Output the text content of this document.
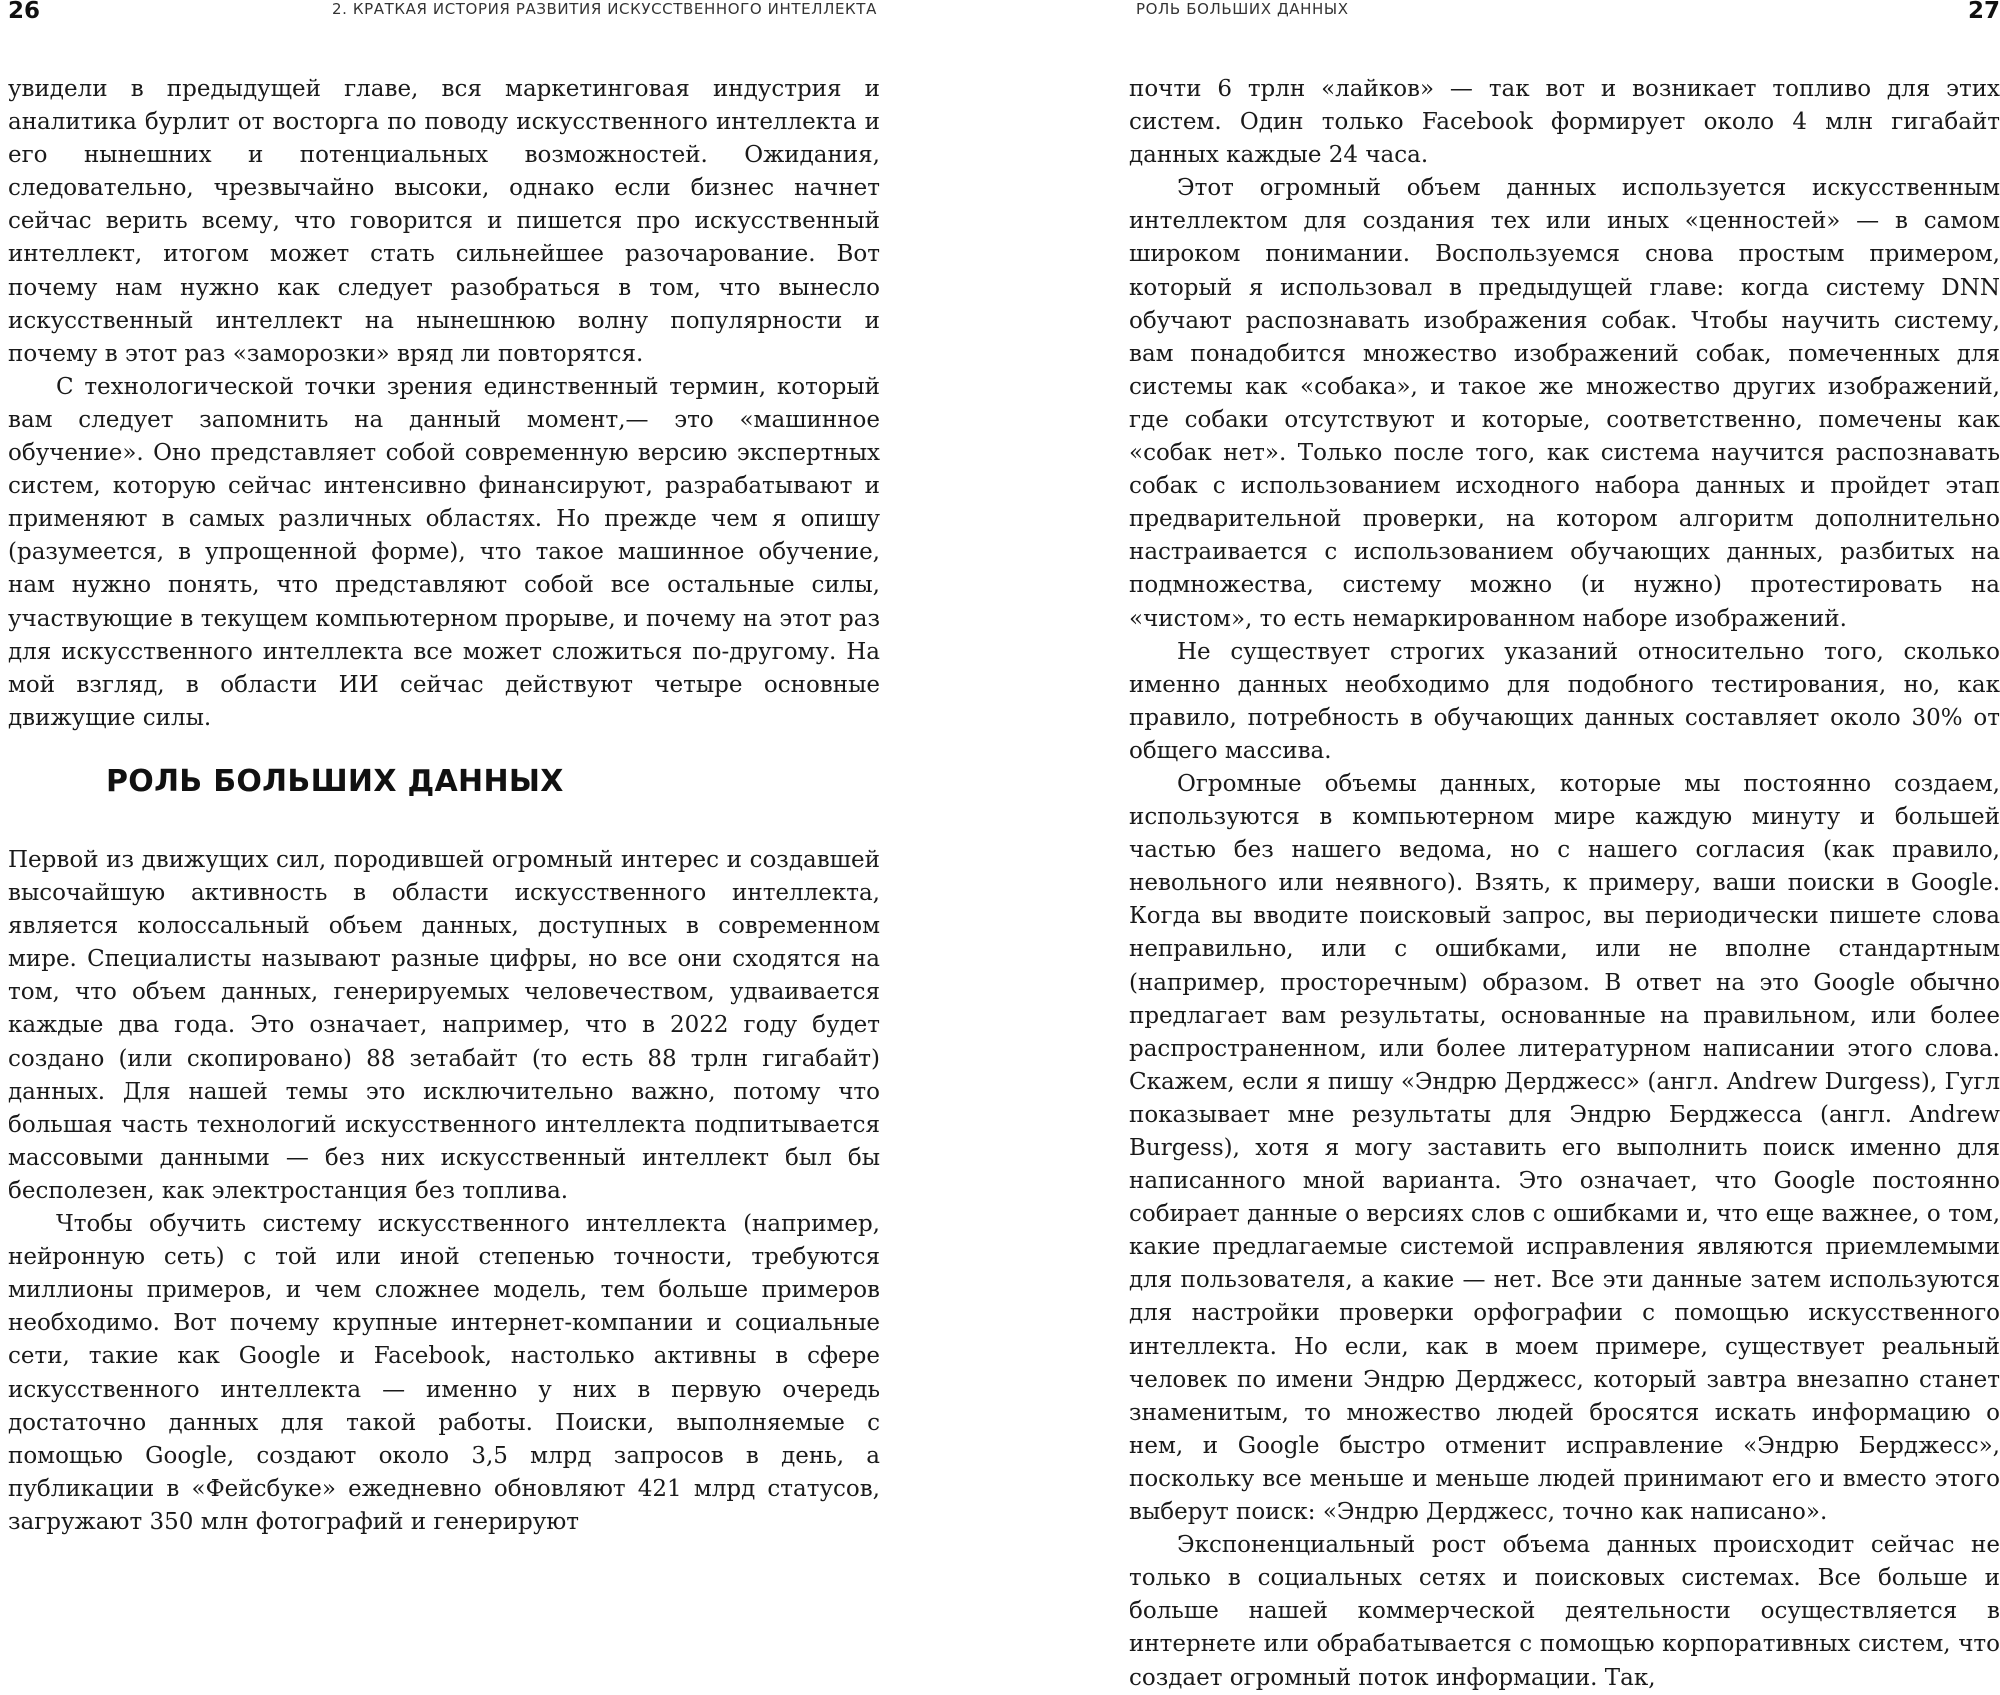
26	2. КРАТКАЯ ИСТОРИЯ РАЗВИТИЯ ИСКУССТВЕННОГО ИНТЕЛЛЕКТА

увидели в предыдущей главе, вся маркетинговая индустрия и аналитика бурлит от восторга по поводу искусственного интеллекта и его нынешних и потенциальных возможностей. Ожидания, следовательно, чрезвычайно высоки, однако если бизнес начнет сейчас верить всему, что говорится и пишется про искусственный интеллект, итогом может стать сильнейшее разочарование. Вот почему нам нужно как следует разобраться в том, что вынесло искусственный интеллект на нынешнюю волну популярности и почему в этот раз «заморозки» вряд ли повторятся.

С технологической точки зрения единственный термин, который вам следует запомнить на данный момент,— это «машинное обучение». Оно представляет собой современную версию экспертных систем, которую сейчас интенсивно финансируют, разрабатывают и применяют в самых различных областях. Но прежде чем я опишу (разумеется, в упрощенной форме), что такое машинное обучение, нам нужно понять, что представляют собой все остальные силы, участвующие в текущем компьютерном прорыве, и почему на этот раз для искусственного интеллекта все может сложиться по-другому. На мой взгляд, в области ИИ сейчас действуют четыре основные движущие силы.

РОЛЬ БОЛЬШИХ ДАННЫХ

Первой из движущих сил, породившей огромный интерес и создавшей высочайшую активность в области искусственного интеллекта, является колоссальный объем данных, доступных в современном мире. Специалисты называют разные цифры, но все они сходятся на том, что объем данных, генерируемых человечеством, удваивается каждые два года. Это означает, например, что в 2022 году будет создано (или скопировано) 88 зетабайт (то есть 88 трлн гигабайт) данных. Для нашей темы это исключительно важно, потому что большая часть технологий искусственного интеллекта подпитывается массовыми данными — без них искусственный интеллект был бы бесполезен, как электростанция без топлива.

Чтобы обучить систему искусственного интеллекта (например, нейронную сеть) с той или иной степенью точности, требуются миллионы примеров, и чем сложнее модель, тем больше примеров необходимо. Вот почему крупные интернет-компании и социальные сети, такие как Google и Facebook, настолько активны в сфере искусственного интеллекта — именно у них в первую очередь достаточно данных для такой работы. Поиски, выполняемые с помощью Google, создают около 3,5 млрд запросов в день, а публикации в «Фейсбуке» ежедневно обновляют 421 млрд статусов, загружают 350 млн фотографий и генерируют

РОЛЬ БОЛЬШИХ ДАННЫХ	27

почти 6 трлн «лайков» — так вот и возникает топливо для этих систем. Один только Facebook формирует около 4 млн гигабайт данных каждые 24 часа.

Этот огромный объем данных используется искусственным интеллектом для создания тех или иных «ценностей» — в самом широком понимании. Воспользуемся снова простым примером, который я использовал в предыдущей главе: когда систему DNN обучают распознавать изображения собак. Чтобы научить систему, вам понадобится множество изображений собак, помеченных для системы как «собака», и такое же множество других изображений, где собаки отсутствуют и которые, соответственно, помечены как «собак нет». Только после того, как система научится распознавать собак с использованием исходного набора данных и пройдет этап предварительной проверки, на котором алгоритм дополнительно настраивается с использованием обучающих данных, разбитых на подмножества, систему можно (и нужно) протестировать на «чистом», то есть немаркированном наборе изображений.

Не существует строгих указаний относительно того, сколько именно данных необходимо для подобного тестирования, но, как правило, потребность в обучающих данных составляет около 30% от общего массива.

Огромные объемы данных, которые мы постоянно создаем, используются в компьютерном мире каждую минуту и большей частью без нашего ведома, но с нашего согласия (как правило, невольного или неявного). Взять, к примеру, ваши поиски в Google. Когда вы вводите поисковый запрос, вы периодически пишете слова неправильно, или с ошибками, или не вполне стандартным (например, просторечным) образом. В ответ на это Google обычно предлагает вам результаты, основанные на правильном, или более распространенном, или более литературном написании этого слова. Скажем, если я пишу «Эндрю Дерджесс» (англ. Andrew Durgess), Гугл показывает мне результаты для Эндрю Берджесса (англ. Andrew Burgess), хотя я могу заставить его выполнить поиск именно для написанного мной варианта. Это означает, что Google постоянно собирает данные о версиях слов с ошибками и, что еще важнее, о том, какие предлагаемые системой исправления являются приемлемыми для пользователя, а какие — нет. Все эти данные затем используются для настройки проверки орфографии с помощью искусственного интеллекта. Но если, как в моем примере, существует реальный человек по имени Эндрю Дерджесс, который завтра внезапно станет знаменитым, то множество людей бросятся искать информацию о нем, и Google быстро отменит исправление «Эндрю Берджесс», поскольку все меньше и меньше людей принимают его и вместо этого выберут поиск: «Эндрю Дерджесс, точно как написано».

Экспоненциальный рост объема данных происходит сейчас не только в социальных сетях и поисковых системах. Все больше и больше нашей коммерческой деятельности осуществляется в интернете или обрабатывается с помощью корпоративных систем, что создает огромный поток информации. Так,
